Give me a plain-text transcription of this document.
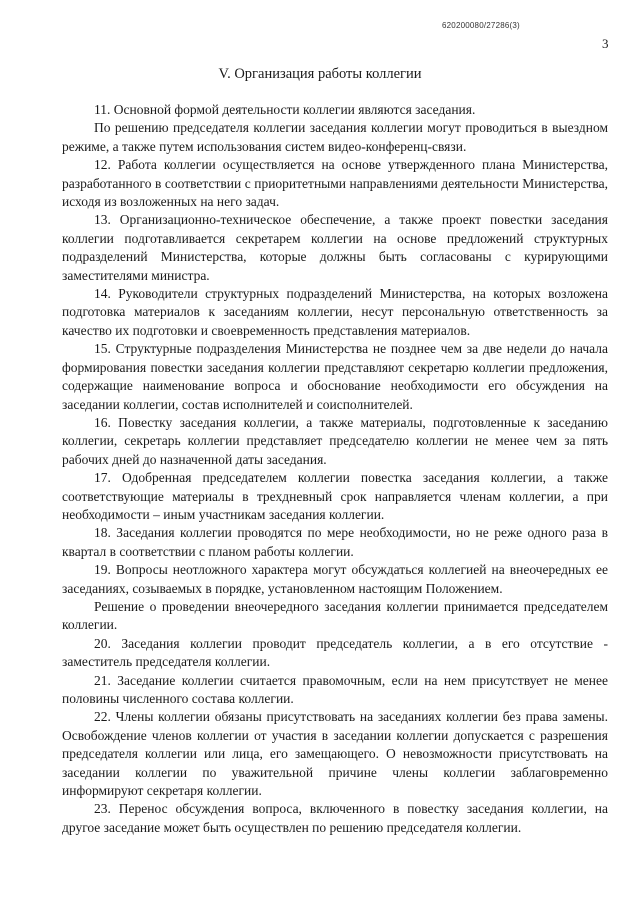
620200080/27286(3)
3
V. Организация работы коллегии

11. Основной формой деятельности коллегии являются заседания.

По решению председателя коллегии заседания коллегии могут проводиться в выездном режиме, а также путем использования систем видео-конференц-связи.

12. Работа коллегии осуществляется на основе утвержденного плана Министерства, разработанного в соответствии с приоритетными направлениями деятельности Министерства, исходя из возложенных на него задач.

13. Организационно-техническое обеспечение, а также проект повестки заседания коллегии подготавливается секретарем коллегии на основе предложений структурных подразделений Министерства, которые должны быть согласованы с курирующими заместителями министра.

14. Руководители структурных подразделений Министерства, на которых возложена подготовка материалов к заседаниям коллегии, несут персональную ответственность за качество их подготовки и своевременность представления материалов.

15. Структурные подразделения Министерства не позднее чем за две недели до начала формирования повестки заседания коллегии представляют секретарю коллегии предложения, содержащие наименование вопроса и обоснование необходимости его обсуждения на заседании коллегии, состав исполнителей и соисполнителей.

16. Повестку заседания коллегии, а также материалы, подготовленные к заседанию коллегии, секретарь коллегии представляет председателю коллегии не менее чем за пять рабочих дней до назначенной даты заседания.

17. Одобренная председателем коллегии повестка заседания коллегии, а также соответствующие материалы в трехдневный срок направляется членам коллегии, а при необходимости – иным участникам заседания коллегии.

18. Заседания коллегии проводятся по мере необходимости, но не реже одного раза в квартал в соответствии с планом работы коллегии.

19. Вопросы неотложного характера могут обсуждаться коллегией на внеочередных ее заседаниях, созываемых в порядке, установленном настоящим Положением.

Решение о проведении внеочередного заседания коллегии принимается председателем коллегии.

20. Заседания коллегии проводит председатель коллегии, а в его отсутствие - заместитель председателя коллегии.

21. Заседание коллегии считается правомочным, если на нем присутствует не менее половины численного состава коллегии.

22. Члены коллегии обязаны присутствовать на заседаниях коллегии без права замены. Освобождение членов коллегии от участия в заседании коллегии допускается с разрешения председателя коллегии или лица, его замещающего. О невозможности присутствовать на заседании коллегии по уважительной причине члены коллегии заблаговременно информируют секретаря коллегии.

23. Перенос обсуждения вопроса, включенного в повестку заседания коллегии, на другое заседание может быть осуществлен по решению председателя коллегии.
